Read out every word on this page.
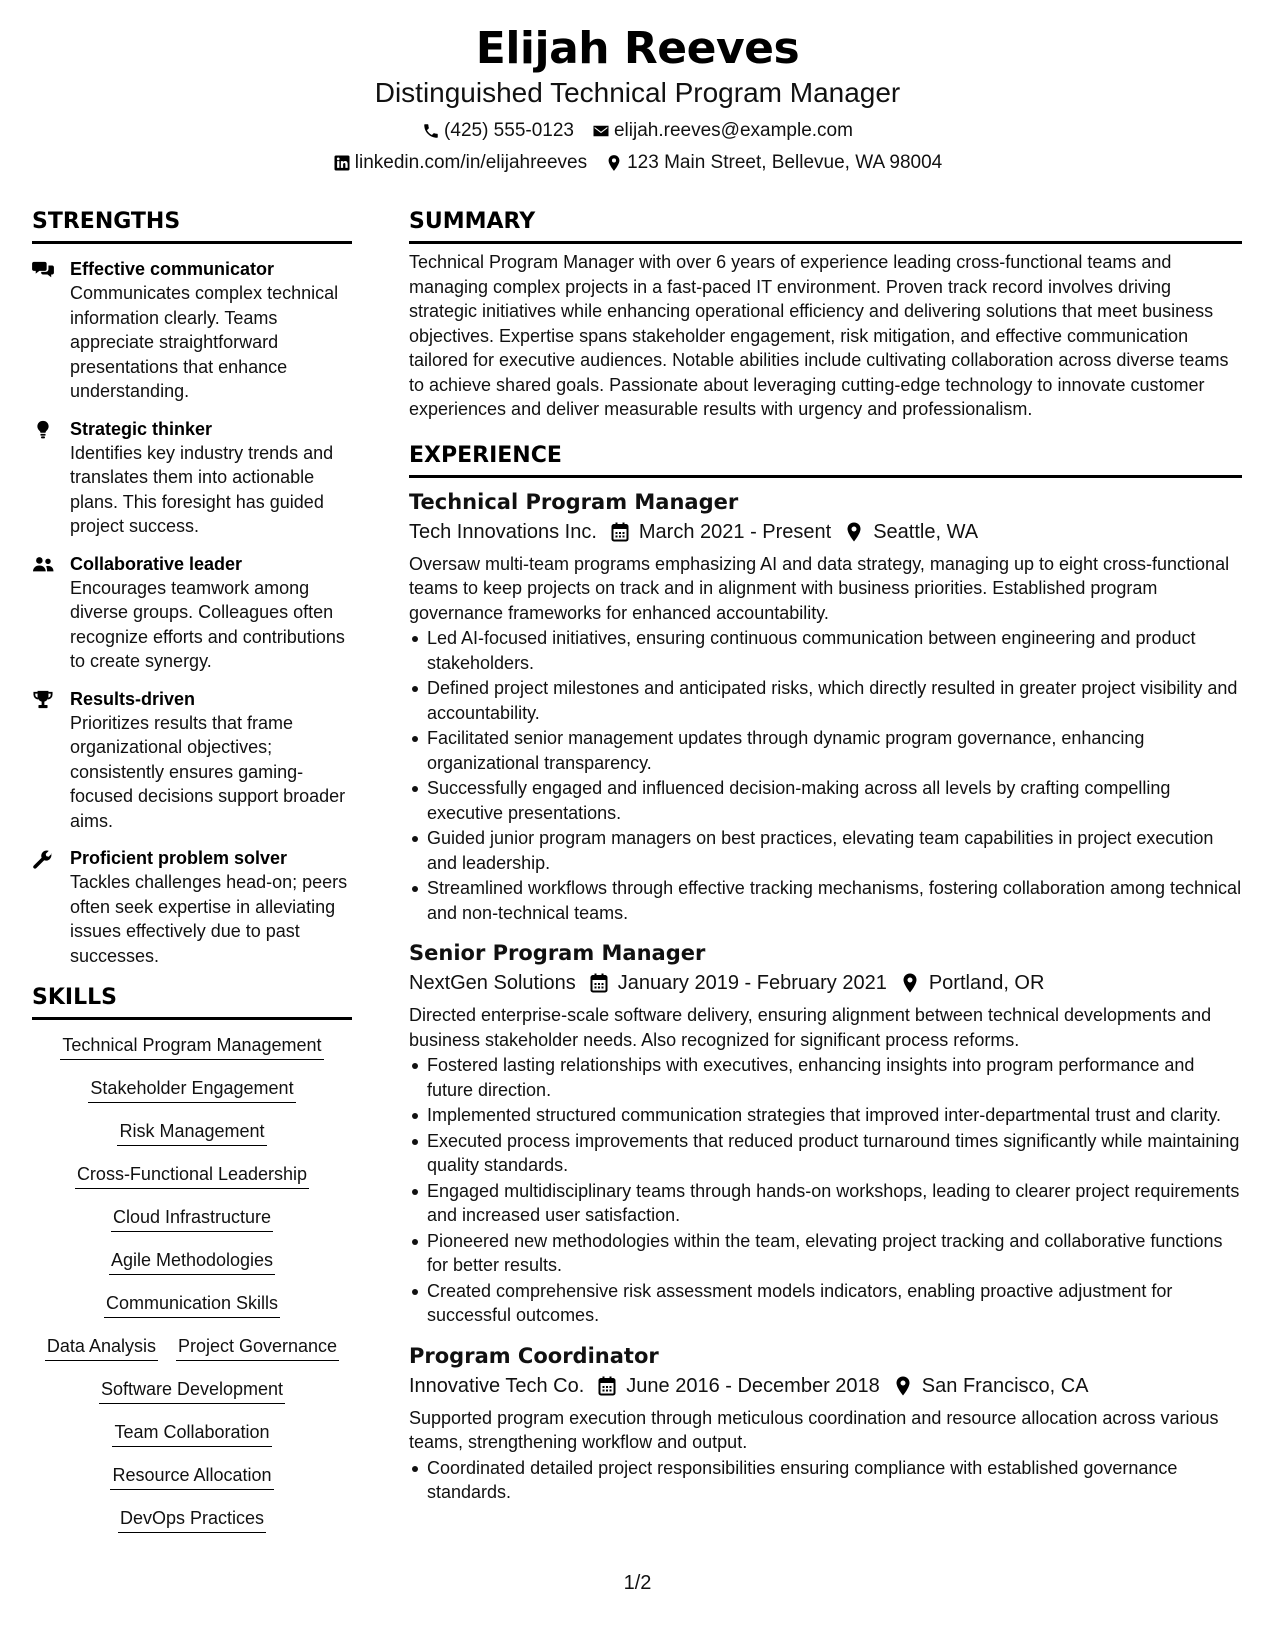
Elijah Reeves
Distinguished Technical Program Manager
(425) 555-0123 elijah.reeves@example.com
linkedin.com/in/elijahreeves 123 Main Street, Bellevue, WA 98004
STRENGTHS
Effective communicator
Communicates complex technical information clearly. Teams appreciate straightforward presentations that enhance understanding.
Strategic thinker
Identifies key industry trends and translates them into actionable plans. This foresight has guided project success.
Collaborative leader
Encourages teamwork among diverse groups. Colleagues often recognize efforts and contributions to create synergy.
Results-driven
Prioritizes results that frame organizational objectives; consistently ensures gaming-focused decisions support broader aims.
Proficient problem solver
Tackles challenges head-on; peers often seek expertise in alleviating issues effectively due to past successes.
SKILLS
Technical Program Management
Stakeholder Engagement
Risk Management
Cross-Functional Leadership
Cloud Infrastructure
Agile Methodologies
Communication Skills
Data Analysis Project Governance
Software Development
Team Collaboration
Resource Allocation
DevOps Practices
SUMMARY
Technical Program Manager with over 6 years of experience leading cross-functional teams and managing complex projects in a fast-paced IT environment. Proven track record involves driving strategic initiatives while enhancing operational efficiency and delivering solutions that meet business objectives. Expertise spans stakeholder engagement, risk mitigation, and effective communication tailored for executive audiences. Notable abilities include cultivating collaboration across diverse teams to achieve shared goals. Passionate about leveraging cutting-edge technology to innovate customer experiences and deliver measurable results with urgency and professionalism.
EXPERIENCE
Technical Program Manager
Tech Innovations Inc. March 2021 - Present Seattle, WA
Oversaw multi-team programs emphasizing AI and data strategy, managing up to eight cross-functional teams to keep projects on track and in alignment with business priorities. Established program governance frameworks for enhanced accountability.
Led AI-focused initiatives, ensuring continuous communication between engineering and product stakeholders.
Defined project milestones and anticipated risks, which directly resulted in greater project visibility and accountability.
Facilitated senior management updates through dynamic program governance, enhancing organizational transparency.
Successfully engaged and influenced decision-making across all levels by crafting compelling executive presentations.
Guided junior program managers on best practices, elevating team capabilities in project execution and leadership.
Streamlined workflows through effective tracking mechanisms, fostering collaboration among technical and non-technical teams.
Senior Program Manager
NextGen Solutions January 2019 - February 2021 Portland, OR
Directed enterprise-scale software delivery, ensuring alignment between technical developments and business stakeholder needs. Also recognized for significant process reforms.
Fostered lasting relationships with executives, enhancing insights into program performance and future direction.
Implemented structured communication strategies that improved inter-departmental trust and clarity.
Executed process improvements that reduced product turnaround times significantly while maintaining quality standards.
Engaged multidisciplinary teams through hands-on workshops, leading to clearer project requirements and increased user satisfaction.
Pioneered new methodologies within the team, elevating project tracking and collaborative functions for better results.
Created comprehensive risk assessment models indicators, enabling proactive adjustment for successful outcomes.
Program Coordinator
Innovative Tech Co. June 2016 - December 2018 San Francisco, CA
Supported program execution through meticulous coordination and resource allocation across various teams, strengthening workflow and output.
Coordinated detailed project responsibilities ensuring compliance with established governance standards.
1/2
